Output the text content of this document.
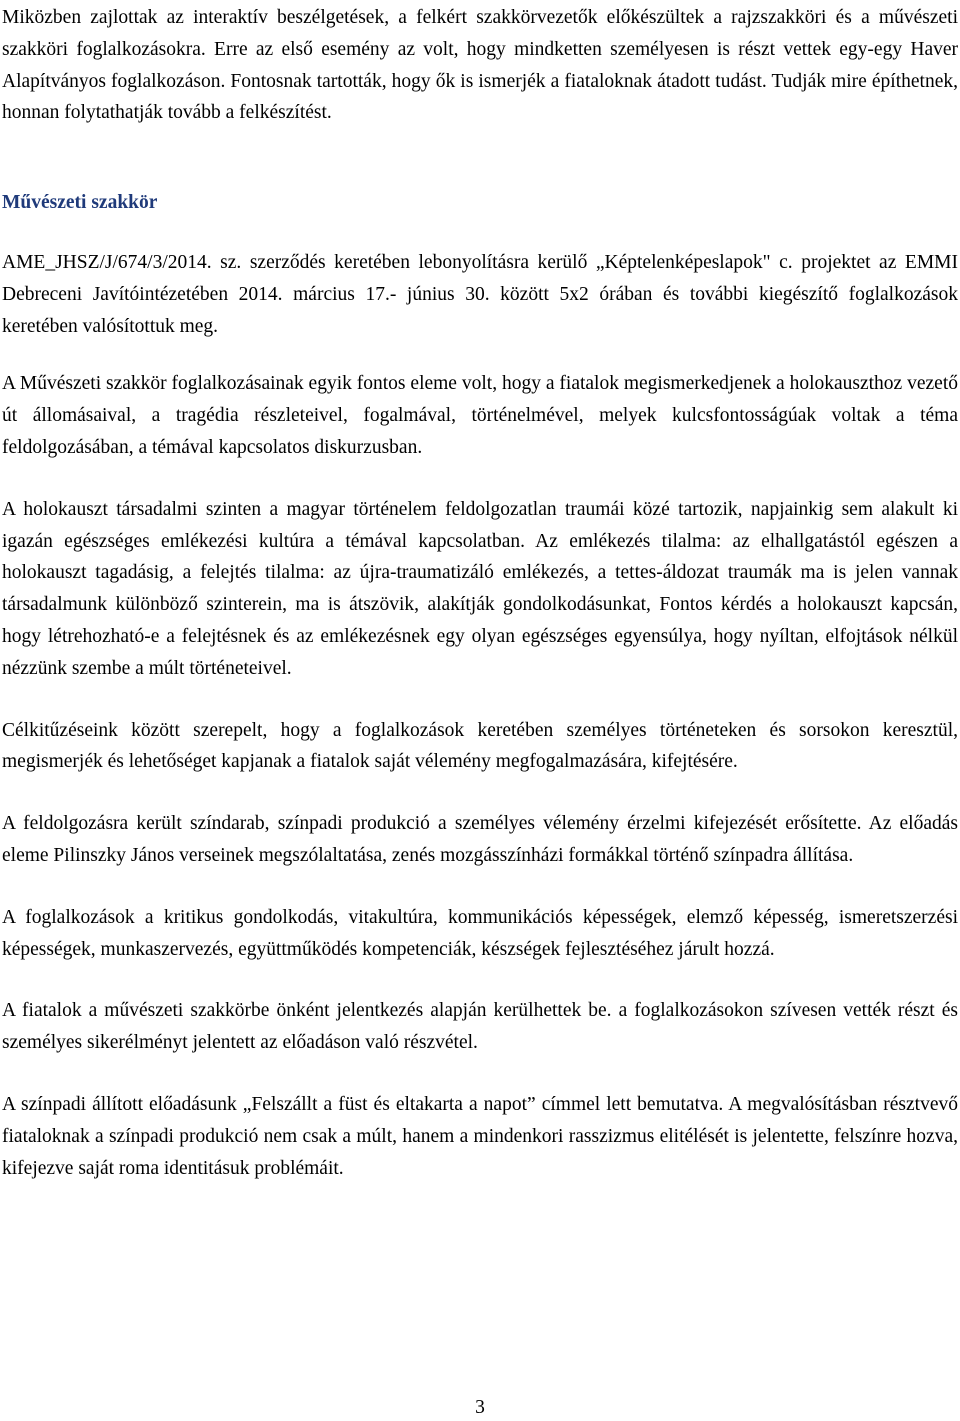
Miközben zajlottak az interaktív beszélgetések, a felkért szakkörvezetők előkészültek a rajzszakköri és a művészeti szakköri foglalkozásokra. Erre az első esemény az volt, hogy mindketten személyesen is részt vettek egy-egy Haver Alapítványos foglalkozáson. Fontosnak tartották, hogy ők is ismerjék a fiataloknak átadott tudást. Tudják mire építhetnek, honnan folytathatják tovább a felkészítést.

Művészeti szakkör

AME_JHSZ/J/674/3/2014. sz. szerződés keretében lebonyolításra kerülő „Képtelenképeslapok" c. projektet az EMMI Debreceni Javítóintézetében 2014. március 17.- június 30. között 5x2 órában és további kiegészítő foglalkozások keretében valósítottuk meg.

A Művészeti szakkör foglalkozásainak egyik fontos eleme volt, hogy a fiatalok megismerkedjenek a holokauszthoz vezető út állomásaival, a tragédia részleteivel, fogalmával, történelmével, melyek kulcsfontosságúak voltak a téma feldolgozásában, a témával kapcsolatos diskurzusban.

A holokauszt társadalmi szinten a magyar történelem feldolgozatlan traumái közé tartozik, napjainkig sem alakult ki igazán egészséges emlékezési kultúra a témával kapcsolatban. Az emlékezés tilalma: az elhallgatástól egészen a holokauszt tagadásig, a felejtés tilalma: az újra-traumatizáló emlékezés, a tettes-áldozat traumák ma is jelen vannak társadalmunk különböző szinterein, ma is átszövik, alakítják gondolkodásunkat, Fontos kérdés a holokauszt kapcsán, hogy létrehozható-e a felejtésnek és az emlékezésnek egy olyan egészséges egyensúlya, hogy nyíltan, elfojtások nélkül nézzünk szembe a múlt történeteivel.

Célkitűzéseink között szerepelt, hogy a foglalkozások keretében személyes történeteken és sorsokon keresztül, megismerjék és lehetőséget kapjanak a fiatalok saját vélemény megfogalmazására, kifejtésére.

A feldolgozásra került színdarab, színpadi produkció a személyes vélemény érzelmi kifejezését erősítette. Az előadás eleme Pilinszky János verseinek megszólaltatása, zenés mozgásszínházi formákkal történő színpadra állítása.

A foglalkozások a kritikus gondolkodás, vitakultúra, kommunikációs képességek, elemző képesség, ismeretszerzési képességek, munkaszervezés, együttműködés kompetenciák, készségek fejlesztéséhez járult hozzá.

A fiatalok a művészeti szakkörbe önként jelentkezés alapján kerülhettek be. a foglalkozásokon szívesen vették részt és személyes sikerélményt jelentett az előadáson való részvétel.

A színpadi állított előadásunk „Felszállt a füst és eltakarta a napot” címmel lett bemutatva. A megvalósításban résztvevő fiataloknak a színpadi produkció nem csak a múlt, hanem a mindenkori rasszizmus elitélését is jelentette, felszínre hozva, kifejezve saját roma identitásuk problémáit.

3
